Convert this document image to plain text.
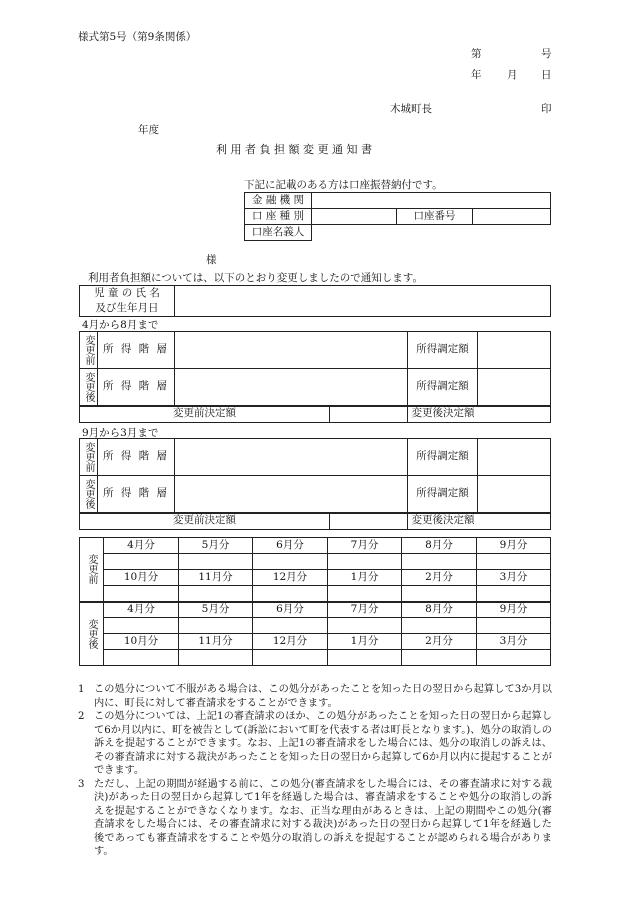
様式第5号（第9条関係）
第	号
年 月 日
木城町長	印
年度
利 用 者 負 担 額 変 更 通 知 書
下記に記載のある方は口座振替納付です。
金 融 機 関			
口 座 種 別		口座番号	
口座名義人			
様
利用者負担額については、以下のとおり変更しましたので通知します。
児 童 の 氏 名
及び生年月日	
4月から8月まで
変更前	所 得 階 層			所得調定額	
変更後	所 得 階 層			所得調定額	
変更前決定額				変更後決定額	
9月から3月まで
変更前	所 得 階 層			所得調定額	
変更後	所 得 階 層			所得調定額	
変更前決定額				変更後決定額	
変更前	4月分	5月分	6月分	7月分	8月分	9月分

	10月分	11月分	12月分	1月分	2月分	3月分

変更後	4月分	5月分	6月分	7月分	8月分	9月分

	10月分	11月分	12月分	1月分	2月分	3月分

1 この処分について不服がある場合は、この処分があったことを知った日の翌日から起算して3か月以内に、町長に対して審査請求をすることができます。
2 この処分については、上記1の審査請求のほか、この処分があったことを知った日の翌日から起算して6か月以内に、町を被告として(訴訟において町を代表する者は町長となります。)、処分の取消しの訴えを提起することができます。なお、上記1の審査請求をした場合には、処分の取消しの訴えは、その審査請求に対する裁決があったことを知った日の翌日から起算して6か月以内に提起することができます。
3 ただし、上記の期間が経過する前に、この処分(審査請求をした場合には、その審査請求に対する裁決)があった日の翌日から起算して1年を経過した場合は、審査請求をすることや処分の取消しの訴えを提起することができなくなります。なお、正当な理由があるときは、上記の期間やこの処分(審査請求をした場合には、その審査請求に対する裁決)があった日の翌日から起算して1年を経過した後であっても審査請求をすることや処分の取消しの訴えを提起することが認められる場合があります。
